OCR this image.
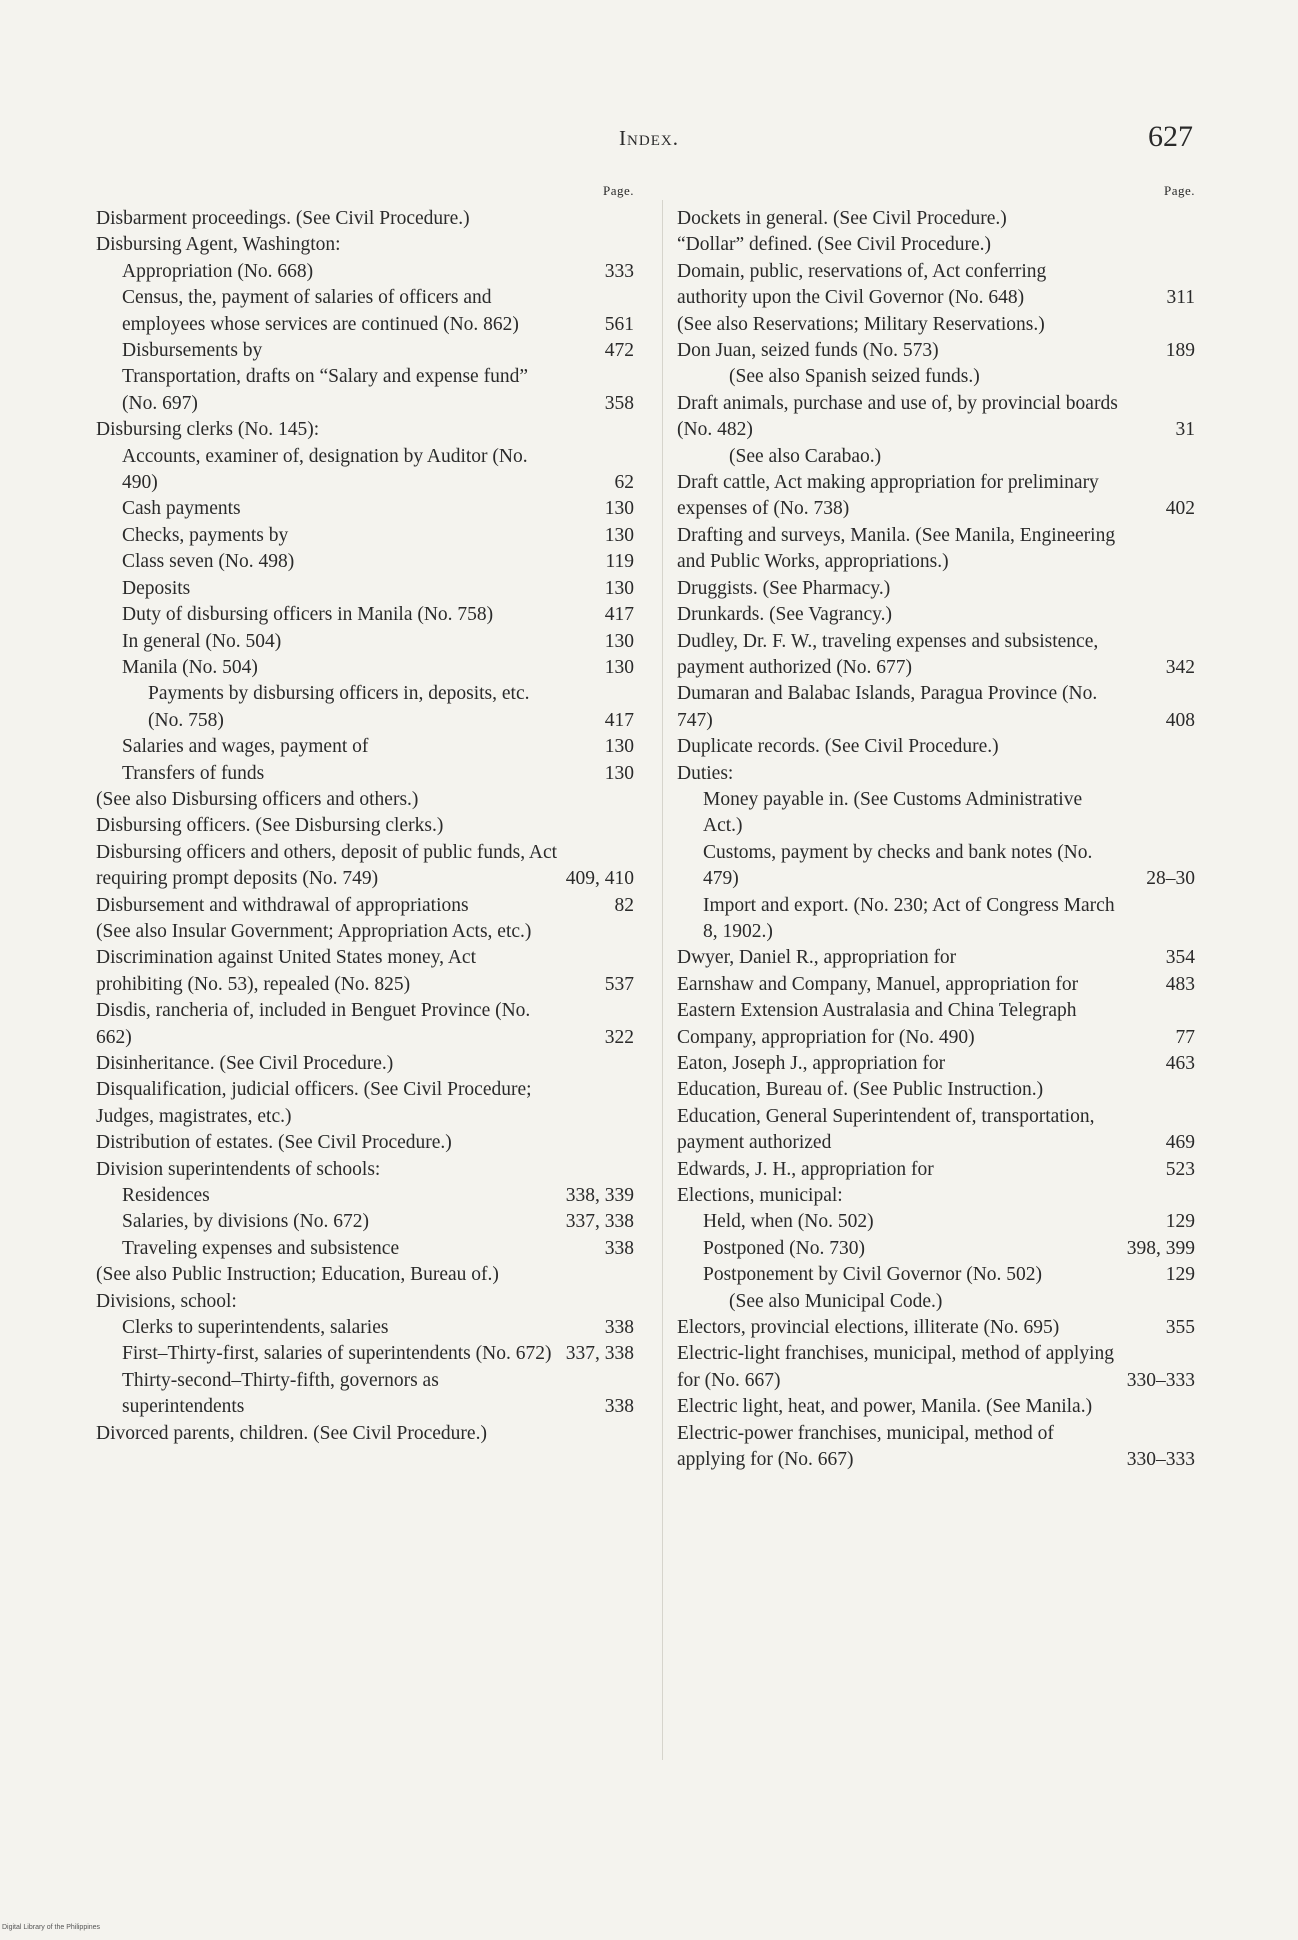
Index.	627
Page.
Disbarment proceedings. (See Civil Procedure.)
Disbursing Agent, Washington:
Appropriation (No. 668)	333
Census, the, payment of salaries of officers and employees whose services are continued (No. 862)	561
Disbursements by	472
Transportation, drafts on “Salary and expense fund” (No. 697)	358
Disbursing clerks (No. 145):
Accounts, examiner of, designation by Auditor (No. 490)	62
Cash payments	130
Checks, payments by	130
Class seven (No. 498)	119
Deposits	130
Duty of disbursing officers in Manila (No. 758)	417
In general (No. 504)	130
Manila (No. 504)	130
Payments by disbursing officers in, deposits, etc. (No. 758)	417
Salaries and wages, payment of	130
Transfers of funds	130
(See also Disbursing officers and others.)
Disbursing officers. (See Disbursing clerks.)
Disbursing officers and others, deposit of public funds, Act requiring prompt deposits (No. 749)	409, 410
Disbursement and withdrawal of appropriations	82
(See also Insular Government; Appropriation Acts, etc.)
Discrimination against United States money, Act prohibiting (No. 53), repealed (No. 825)	537
Disdis, rancheria of, included in Benguet Province (No. 662)	322
Disinheritance. (See Civil Procedure.)
Disqualification, judicial officers. (See Civil Procedure; Judges, magistrates, etc.)
Distribution of estates. (See Civil Procedure.)
Division superintendents of schools:
Residences	338, 339
Salaries, by divisions (No. 672)	337, 338
Traveling expenses and subsistence	338
(See also Public Instruction; Education, Bureau of.)
Divisions, school:
Clerks to superintendents, salaries	338
First–Thirty-first, salaries of superintendents (No. 672) 337, 338
Thirty-second–Thirty-fifth, governors as superintendents	338
Divorced parents, children. (See Civil Procedure.)
Page.
Dockets in general. (See Civil Procedure.)
“Dollar” defined. (See Civil Procedure.)
Domain, public, reservations of, Act conferring authority upon the Civil Governor (No. 648)	311
(See also Reservations; Military Reservations.)
Don Juan, seized funds (No. 573)	189
(See also Spanish seized funds.)
Draft animals, purchase and use of, by provincial boards (No. 482)	31
(See also Carabao.)
Draft cattle, Act making appropriation for preliminary expenses of (No. 738)	402
Drafting and surveys, Manila. (See Manila, Engineering and Public Works, appropriations.)
Druggists. (See Pharmacy.)
Drunkards. (See Vagrancy.)
Dudley, Dr. F. W., traveling expenses and subsistence, payment authorized (No. 677)	342
Dumaran and Balabac Islands, Paragua Province (No. 747)	408
Duplicate records. (See Civil Procedure.)
Duties:
Money payable in. (See Customs Administrative Act.)
Customs, payment by checks and bank notes (No. 479)	28–30
Import and export. (No. 230; Act of Congress March 8, 1902.)
Dwyer, Daniel R., appropriation for	354
Earnshaw and Company, Manuel, appropriation for	483
Eastern Extension Australasia and China Telegraph Company, appropriation for (No. 490)	77
Eaton, Joseph J., appropriation for	463
Education, Bureau of. (See Public Instruction.)
Education, General Superintendent of, transportation, payment authorized	469
Edwards, J. H., appropriation for	523
Elections, municipal:
Held, when (No. 502)	129
Postponed (No. 730)	398, 399
Postponement by Civil Governor (No. 502)	129
(See also Municipal Code.)
Electors, provincial elections, illiterate (No. 695)	355
Electric-light franchises, municipal, method of applying for (No. 667)	330–333
Electric light, heat, and power, Manila. (See Manila.)
Electric-power franchises, municipal, method of applying for (No. 667)	330–333
Digital Library of the Philippines
